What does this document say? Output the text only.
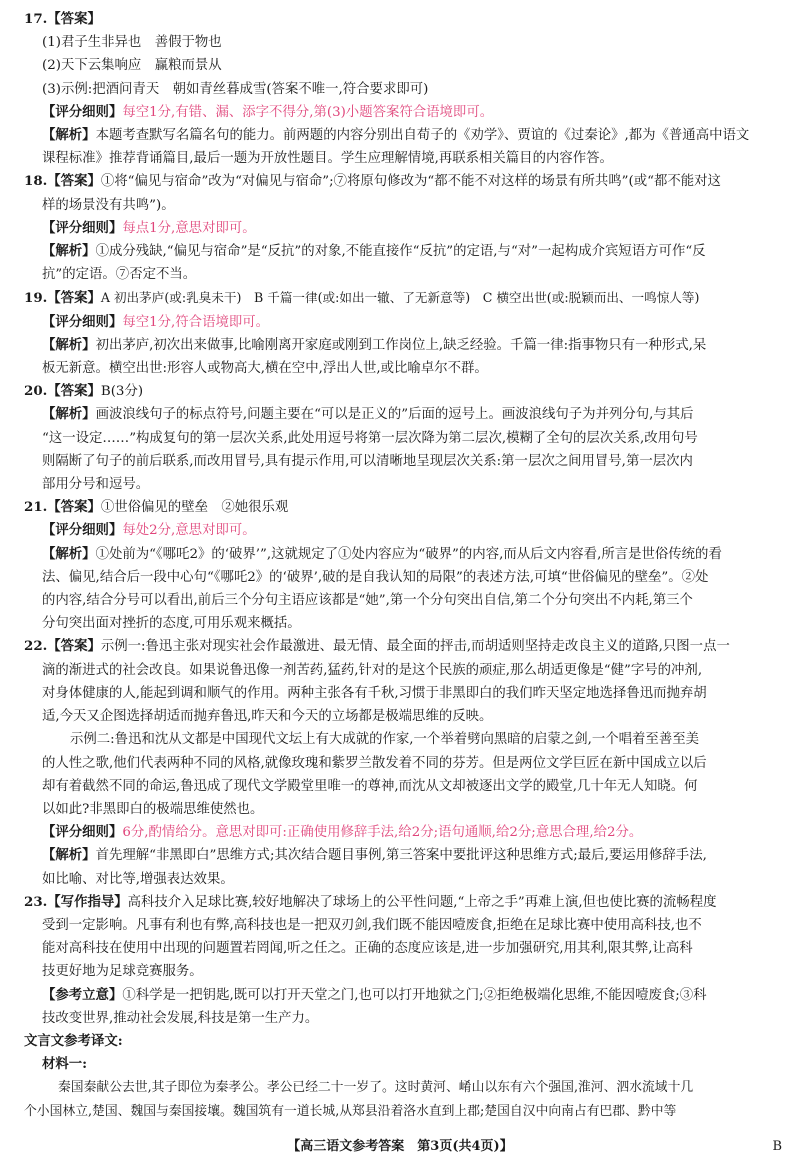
17.【答案】
(1)君子生非异也　善假于物也
(2)天下云集响应　赢粮而景从
(3)示例:把酒问青天　朝如青丝暮成雪(答案不唯一,符合要求即可)
【评分细则】每空1分,有错、漏、添字不得分,第(3)小题答案符合语境即可。
【解析】本题考查默写名篇名句的能力。前两题的内容分别出自荀子的《劝学》、贾谊的《过秦论》,都为《普通高中语文
课程标准》推荐背诵篇目,最后一题为开放性题目。学生应理解情境,再联系相关篇目的内容作答。
18.【答案】①将“偏见与宿命”改为“对偏见与宿命”;⑦将原句修改为“都不能不对这样的场景有所共鸣”(或“都不能对这
样的场景没有共鸣”)。
【评分细则】每点1分,意思对即可。
【解析】①成分残缺,“偏见与宿命”是“反抗”的对象,不能直接作“反抗”的定语,与“对”一起构成介宾短语方可作“反
抗”的定语。⑦否定不当。
19.【答案】A 初出茅庐(或:乳臭未干)　B 千篇一律(或:如出一辙、了无新意等)　C 横空出世(或:脱颖而出、一鸣惊人等)
【评分细则】每空1分,符合语境即可。
【解析】初出茅庐,初次出来做事,比喻刚离开家庭或刚到工作岗位上,缺乏经验。千篇一律:指事物只有一种形式,呆
板无新意。横空出世:形容人或物高大,横在空中,浮出人世,或比喻卓尔不群。
20.【答案】B(3分)
【解析】画波浪线句子的标点符号,问题主要在“可以是正义的”后面的逗号上。画波浪线句子为并列分句,与其后
“这一设定……”构成复句的第一层次关系,此处用逗号将第一层次降为第二层次,模糊了全句的层次关系,改用句号
则隔断了句子的前后联系,而改用冒号,具有提示作用,可以清晰地呈现层次关系:第一层次之间用冒号,第一层次内
部用分号和逗号。
21.【答案】①世俗偏见的壁垒　②她很乐观
【评分细则】每处2分,意思对即可。
【解析】①处前为“《哪吒2》的‘破界’”,这就规定了①处内容应为“破界”的内容,而从后文内容看,所言是世俗传统的看
法、偏见,结合后一段中心句“《哪吒2》的‘破界’,破的是自我认知的局限”的表述方法,可填“世俗偏见的壁垒”。②处
的内容,结合分号可以看出,前后三个分句主语应该都是“她”,第一个分句突出自信,第二个分句突出不内耗,第三个
分句突出面对挫折的态度,可用乐观来概括。
22.【答案】示例一:鲁迅主张对现实社会作最激进、最无情、最全面的抨击,而胡适则坚持走改良主义的道路,只图一点一
滴的渐进式的社会改良。如果说鲁迅像一剂苦药,猛药,针对的是这个民族的顽症,那么胡适更像是“健”字号的冲剂,
对身体健康的人,能起到调和顺气的作用。两种主张各有千秋,习惯于非黑即白的我们昨天坚定地选择鲁迅而抛弃胡
适,今天又企图选择胡适而抛弃鲁迅,昨天和今天的立场都是极端思维的反映。
示例二:鲁迅和沈从文都是中国现代文坛上有大成就的作家,一个举着劈向黑暗的启蒙之剑,一个唱着至善至美
的人性之歌,他们代表两种不同的风格,就像玫瑰和紫罗兰散发着不同的芬芳。但是两位文学巨匠在新中国成立以后
却有着截然不同的命运,鲁迅成了现代文学殿堂里唯一的尊神,而沈从文却被逐出文学的殿堂,几十年无人知晓。何
以如此?非黑即白的极端思维使然也。
【评分细则】6分,酌情给分。意思对即可:正确使用修辞手法,给2分;语句通顺,给2分;意思合理,给2分。
【解析】首先理解“非黑即白”思维方式;其次结合题目事例,第三答案中要批评这种思维方式;最后,要运用修辞手法,
如比喻、对比等,增强表达效果。
23.【写作指导】高科技介入足球比赛,较好地解决了球场上的公平性问题,“上帝之手”再难上演,但也使比赛的流畅程度
受到一定影响。凡事有利也有弊,高科技也是一把双刃剑,我们既不能因噎废食,拒绝在足球比赛中使用高科技,也不
能对高科技在使用中出现的问题置若罔闻,听之任之。正确的态度应该是,进一步加强研究,用其利,限其弊,让高科
技更好地为足球竞赛服务。
【参考立意】①科学是一把钥匙,既可以打开天堂之门,也可以打开地狱之门;②拒绝极端化思维,不能因噎废食;③科
技改变世界,推动社会发展,科技是第一生产力。
文言文参考译文:
材料一:
秦国秦献公去世,其子即位为秦孝公。孝公已经二十一岁了。这时黄河、崤山以东有六个强国,淮河、泗水流域十几
个小国林立,楚国、魏国与秦国接壤。魏国筑有一道长城,从郑县沿着洛水直到上郡;楚国自汉中向南占有巴郡、黔中等
【高三语文参考答案　第3页(共4页)】	B
